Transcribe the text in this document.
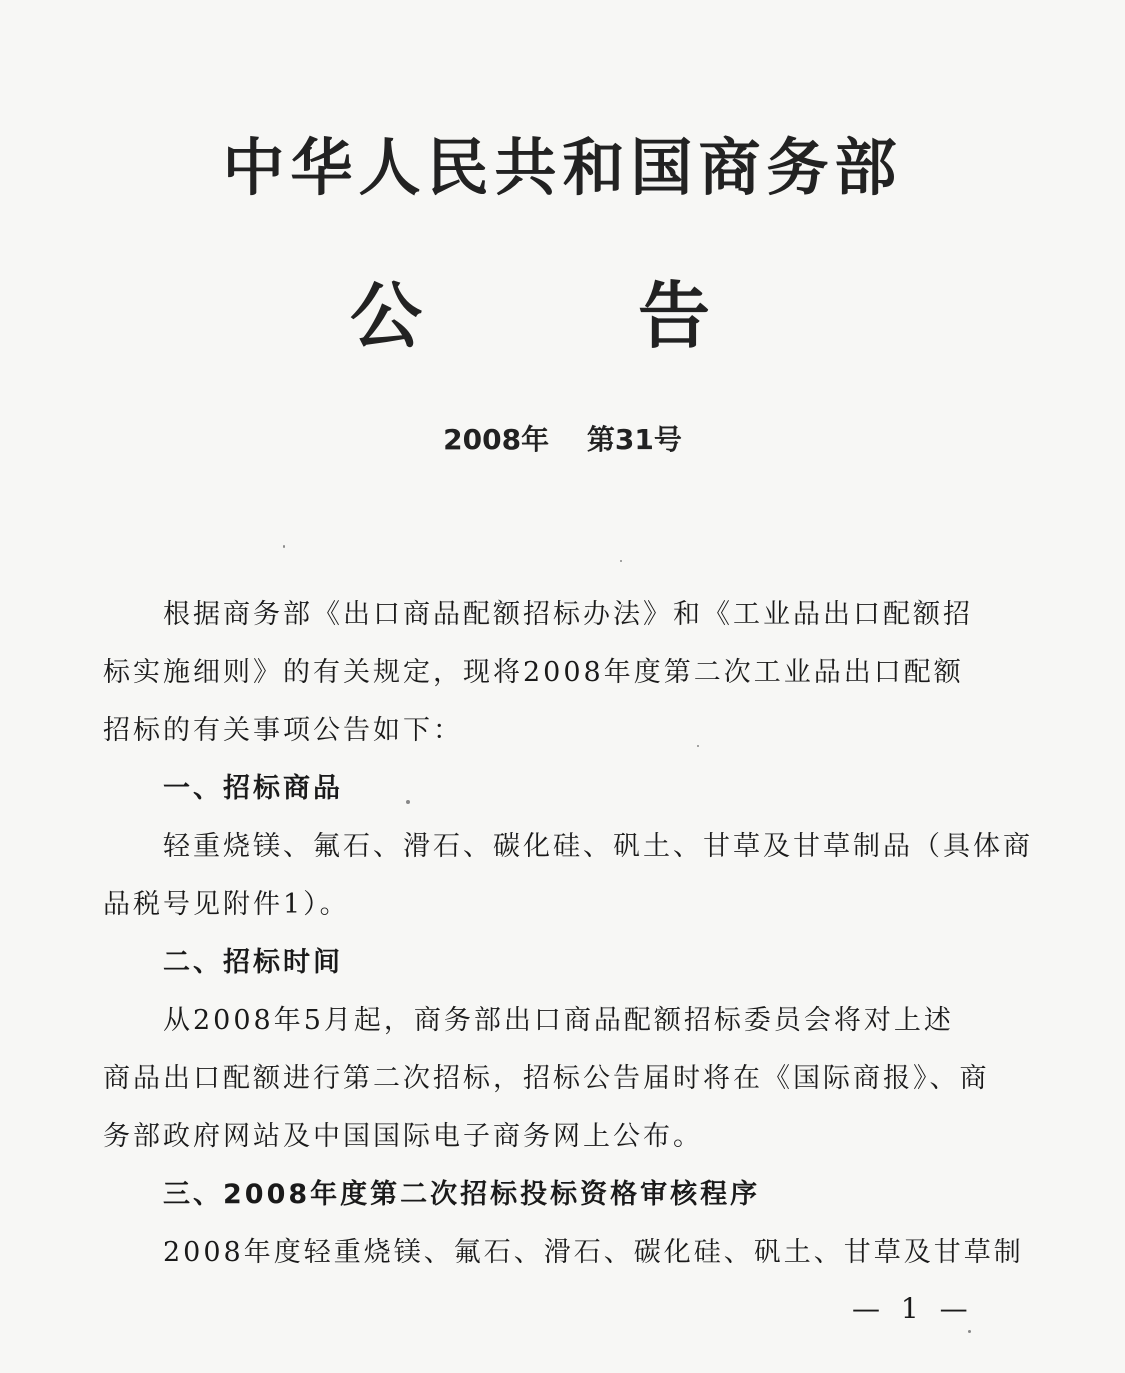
中华人民共和国商务部
公	告
2008年 第31号
根据商务部《出口商品配额招标办法》和《工业品出口配额招
标实施细则》的有关规定，现将2008年度第二次工业品出口配额
招标的有关事项公告如下：
一、招标商品
轻重烧镁、氟石、滑石、碳化硅、矾土、甘草及甘草制品（具体商
品税号见附件1）。
二、招标时间
从2008年5月起，商务部出口商品配额招标委员会将对上述
商品出口配额进行第二次招标，招标公告届时将在《国际商报》、商
务部政府网站及中国国际电子商务网上公布。
三、2008年度第二次招标投标资格审核程序
2008年度轻重烧镁、氟石、滑石、碳化硅、矾土、甘草及甘草制
— 1 —
